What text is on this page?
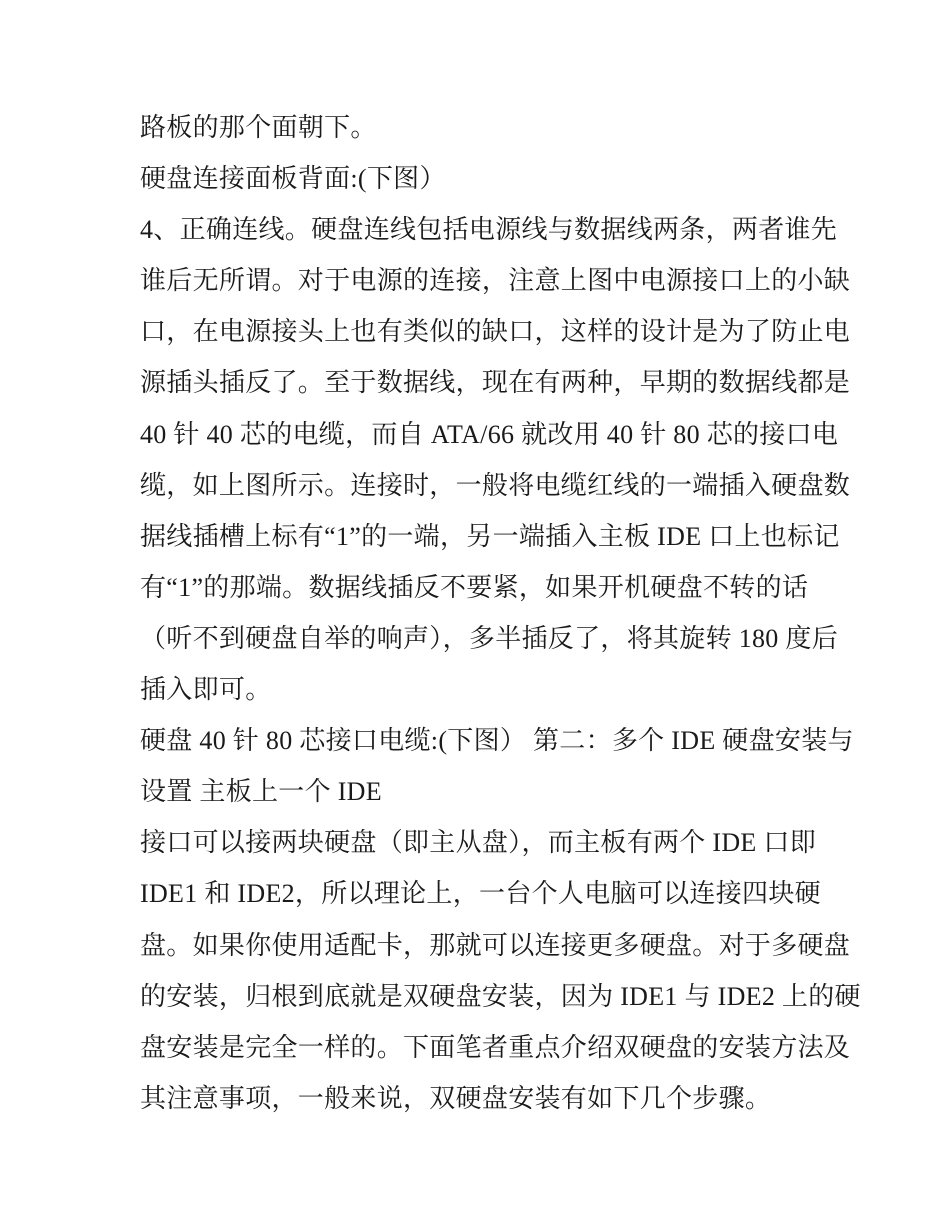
路板的那个面朝下。
硬盘连接面板背面:(下图）
4、正确连线。硬盘连线包括电源线与数据线两条，两者谁先
谁后无所谓。对于电源的连接，注意上图中电源接口上的小缺
口，在电源接头上也有类似的缺口，这样的设计是为了防止电
源插头插反了。至于数据线，现在有两种，早期的数据线都是
40 针 40 芯的电缆，而自 ATA/66 就改用 40 针 80 芯的接口电
缆，如上图所示。连接时，一般将电缆红线的一端插入硬盘数
据线插槽上标有“1”的一端，另一端插入主板 IDE 口上也标记
有“1”的那端。数据线插反不要紧，如果开机硬盘不转的话
（听不到硬盘自举的响声），多半插反了，将其旋转 180 度后
插入即可。
硬盘 40 针 80 芯接口电缆:(下图） 第二：多个 IDE 硬盘安装与
设置 主板上一个 IDE
接口可以接两块硬盘（即主从盘），而主板有两个 IDE 口即
IDE1 和 IDE2，所以理论上，一台个人电脑可以连接四块硬
盘。如果你使用适配卡，那就可以连接更多硬盘。对于多硬盘
的安装，归根到底就是双硬盘安装，因为 IDE1 与 IDE2 上的硬
盘安装是完全一样的。下面笔者重点介绍双硬盘的安装方法及
其注意事项，一般来说，双硬盘安装有如下几个步骤。
